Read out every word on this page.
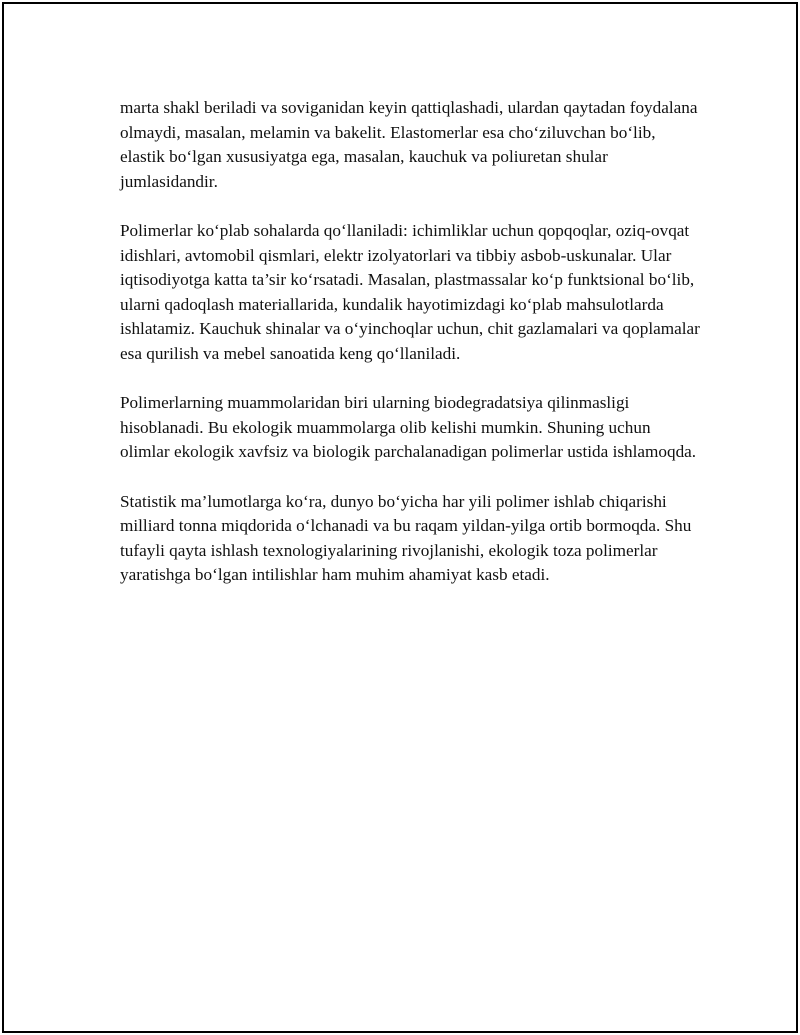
marta shakl beriladi va soviganidan keyin qattiqlashadi, ulardan qaytadan foydalana olmaydi, masalan, melamin va bakelit. Elastomerlar esa cho‘ziluvchan bo‘lib, elastik bo‘lgan xususiyatga ega, masalan, kauchuk va poliuretan shular jumlasidandir.

Polimerlar ko‘plab sohalarda qo‘llaniladi: ichimliklar uchun qopqoqlar, oziq-ovqat idishlari, avtomobil qismlari, elektr izolyatorlari va tibbiy asbob-uskunalar. Ular iqtisodiyotga katta ta’sir ko‘rsatadi. Masalan, plastmassalar ko‘p funktsional bo‘lib, ularni qadoqlash materiallarida, kundalik hayotimizdagi ko‘plab mahsulotlarda ishlatamiz. Kauchuk shinalar va o‘yinchoqlar uchun, chit gazlamalari va qoplamalar esa qurilish va mebel sanoatida keng qo‘llaniladi.

Polimerlarning muammolaridan biri ularning biodegradatsiya qilinmasligi hisoblanadi. Bu ekologik muammolarga olib kelishi mumkin. Shuning uchun olimlar ekologik xavfsiz va biologik parchalanadigan polimerlar ustida ishlamoqda.

Statistik ma’lumotlarga ko‘ra, dunyo bo‘yicha har yili polimer ishlab chiqarishi milliard tonna miqdorida o‘lchanadi va bu raqam yildan-yilga ortib bormoqda. Shu tufayli qayta ishlash texnologiyalarining rivojlanishi, ekologik toza polimerlar yaratishga bo‘lgan intilishlar ham muhim ahamiyat kasb etadi.
